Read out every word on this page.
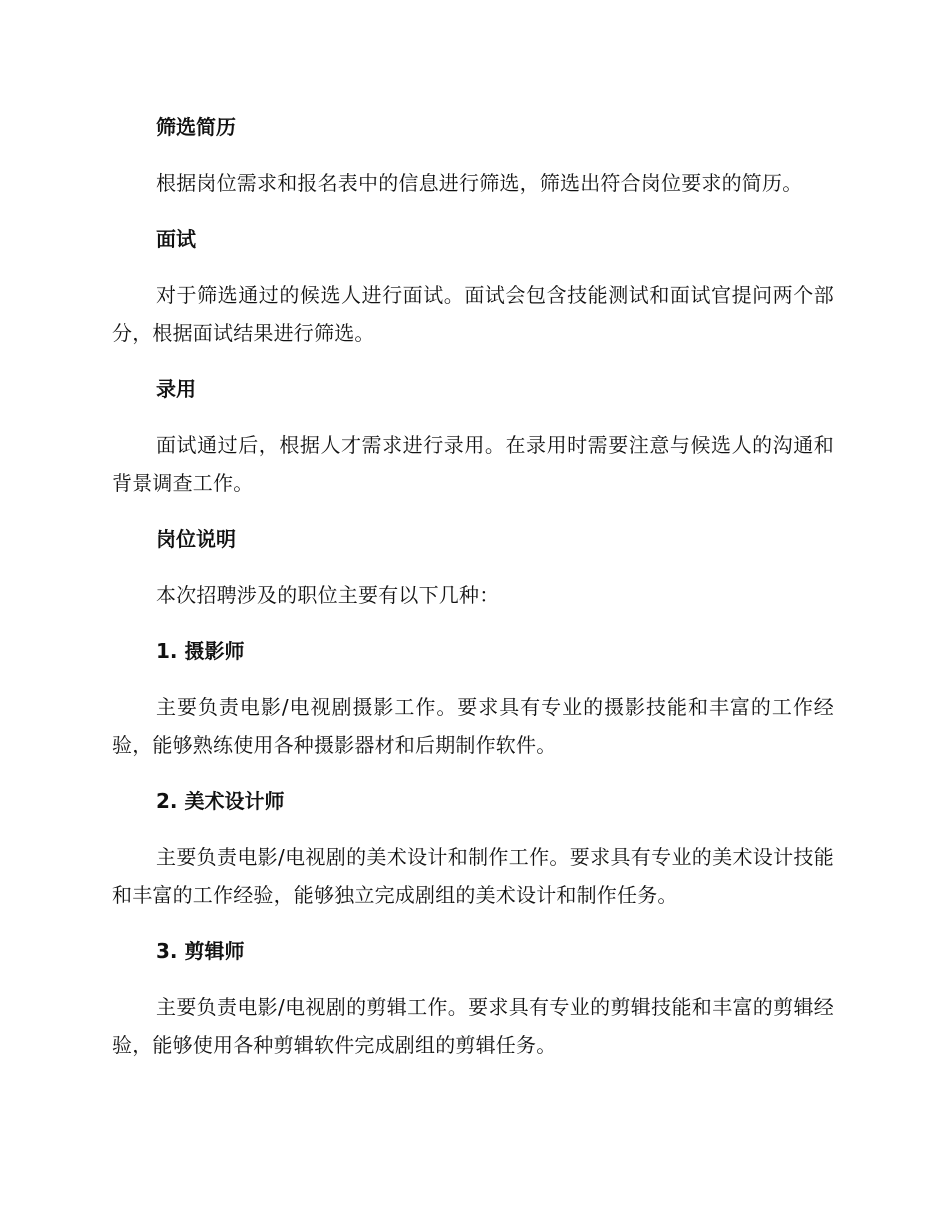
筛选简历

根据岗位需求和报名表中的信息进行筛选，筛选出符合岗位要求的简历。

面试

对于筛选通过的候选人进行面试。面试会包含技能测试和面试官提问两个部分，根据面试结果进行筛选。

录用

面试通过后，根据人才需求进行录用。在录用时需要注意与候选人的沟通和背景调查工作。

岗位说明

本次招聘涉及的职位主要有以下几种：

1. 摄影师

主要负责电影/电视剧摄影工作。要求具有专业的摄影技能和丰富的工作经验，能够熟练使用各种摄影器材和后期制作软件。

2. 美术设计师

主要负责电影/电视剧的美术设计和制作工作。要求具有专业的美术设计技能和丰富的工作经验，能够独立完成剧组的美术设计和制作任务。

3. 剪辑师

主要负责电影/电视剧的剪辑工作。要求具有专业的剪辑技能和丰富的剪辑经验，能够使用各种剪辑软件完成剧组的剪辑任务。
